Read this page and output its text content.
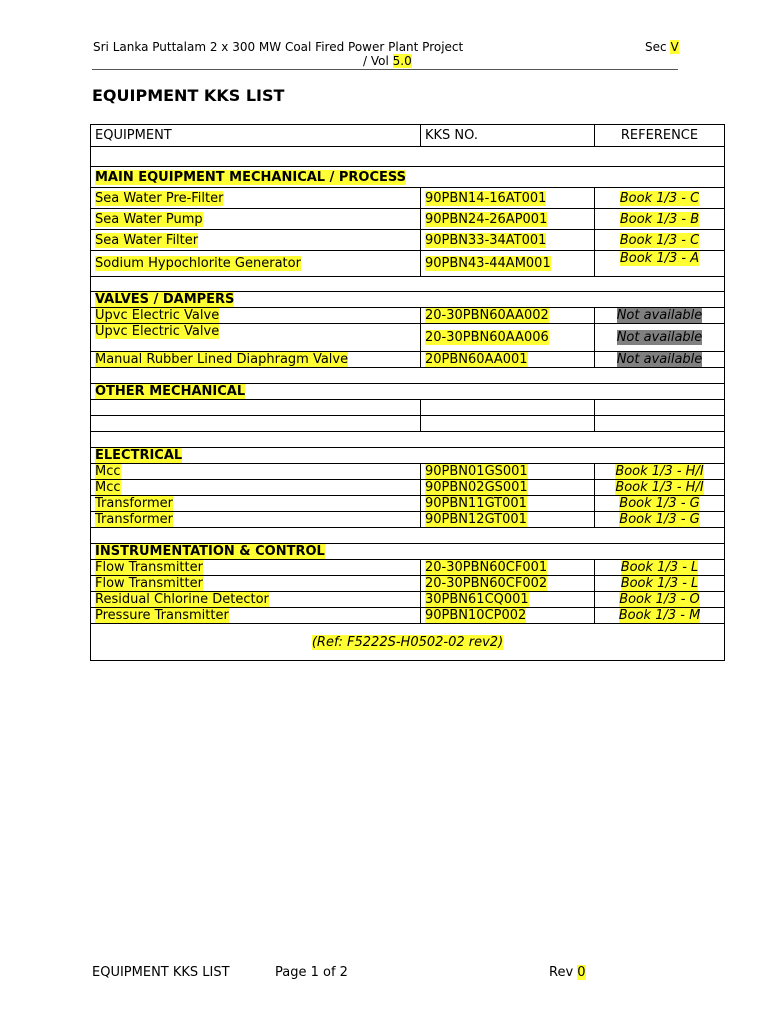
Sri Lanka Puttalam 2 x 300 MW Coal Fired Power Plant Project
/ Vol 5.0
Sec V
EQUIPMENT KKS LIST
EQUIPMENT	KKS NO.	REFERENCE

MAIN EQUIPMENT MECHANICAL / PROCESS		
Sea Water Pre-Filter	90PBN14-16AT001	Book 1/3 - C
Sea Water Pump	90PBN24-26AP001	Book 1/3 - B
Sea Water Filter	90PBN33-34AT001	Book 1/3 - C
Sodium Hypochlorite Generator	90PBN43-44AM001	Book 1/3 - A

VALVES / DAMPERS		
Upvc Electric Valve	20-30PBN60AA002	Not available
Upvc Electric Valve	20-30PBN60AA006	Not available
Manual Rubber Lined Diaphragm Valve	20PBN60AA001	Not available

OTHER MECHANICAL		

ELECTRICAL		
Mcc	90PBN01GS001	Book 1/3 - H/I
Mcc	90PBN02GS001	Book 1/3 - H/I
Transformer	90PBN11GT001	Book 1/3 - G
Transformer	90PBN12GT001	Book 1/3 - G

INSTRUMENTATION & CONTROL		
Flow Transmitter	20-30PBN60CF001	Book 1/3 - L
Flow Transmitter	20-30PBN60CF002	Book 1/3 - L
Residual Chlorine Detector	30PBN61CQ001	Book 1/3 - O
Pressure Transmitter	90PBN10CP002	Book 1/3 - M
(Ref: F5222S-H0502-02 rev2)		
EQUIPMENT KKS LIST	Page 1 of 2	Rev 0
